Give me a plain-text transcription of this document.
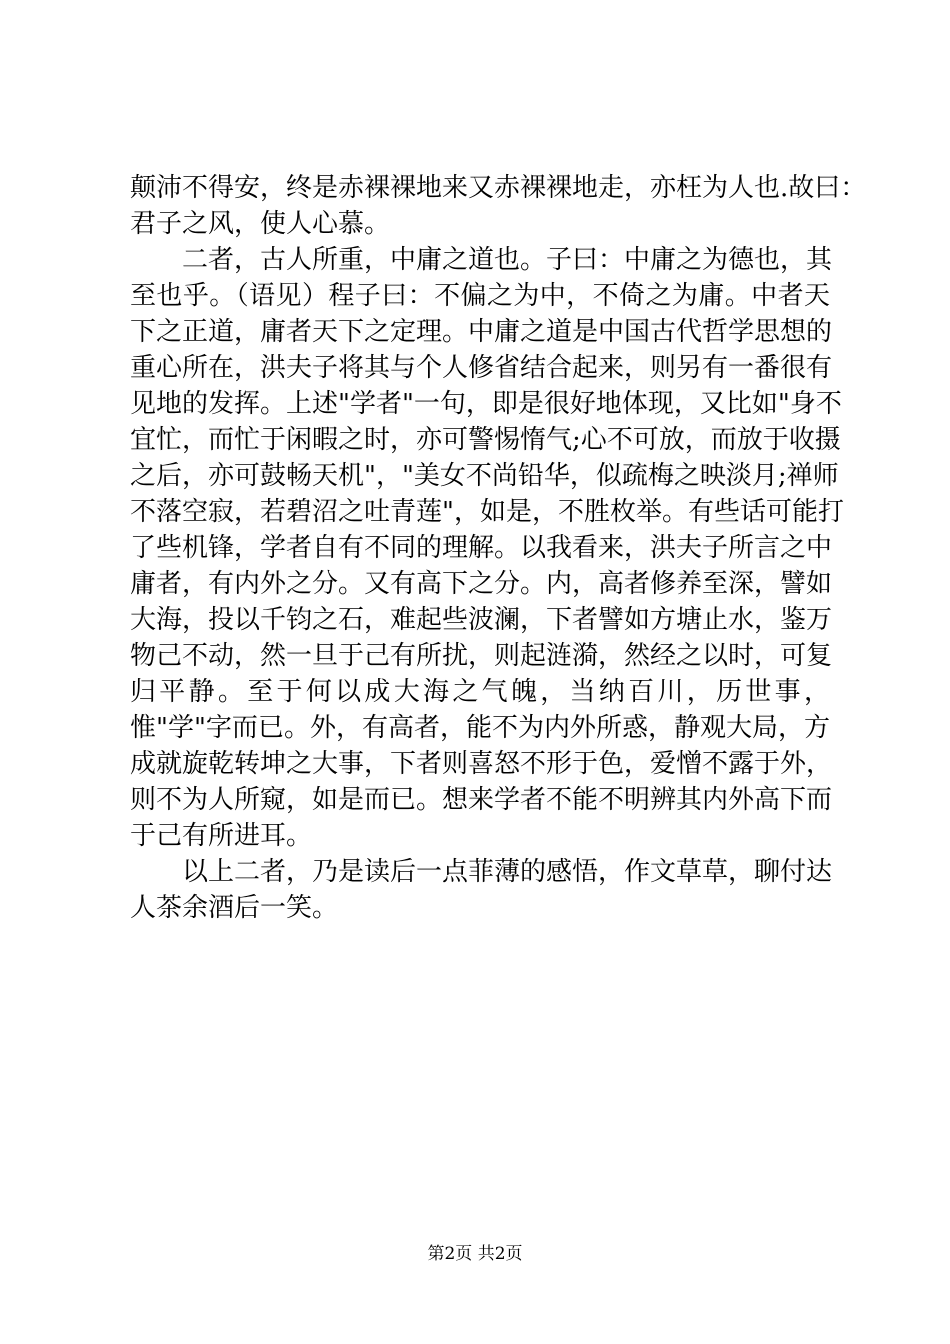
颠沛不得安，终是赤裸裸地来又赤裸裸地走，亦枉为人也.故曰：
君子之风，使人心慕。
二者，古人所重，中庸之道也。子曰：中庸之为德也，其
至也乎。（语见）程子曰：不偏之为中，不倚之为庸。中者天
下之正道，庸者天下之定理。中庸之道是中国古代哲学思想的
重心所在，洪夫子将其与个人修省结合起来，则另有一番很有
见地的发挥。上述"学者"一句，即是很好地体现，又比如"身不
宜忙，而忙于闲暇之时，亦可警惕惰气;心不可放，而放于收摄
之后，亦可鼓畅天机"，"美女不尚铅华，似疏梅之映淡月;禅师
不落空寂，若碧沼之吐青莲"，如是，不胜枚举。有些话可能打
了些机锋，学者自有不同的理解。以我看来，洪夫子所言之中
庸者，有内外之分。又有高下之分。内，高者修养至深，譬如
大海，投以千钧之石，难起些波澜，下者譬如方塘止水，鉴万
物己不动，然一旦于己有所扰，则起涟漪，然经之以时，可复
归平静。至于何以成大海之气魄，当纳百川，历世事，
惟"学"字而已。外，有高者，能不为内外所惑，静观大局，方
成就旋乾转坤之大事，下者则喜怒不形于色，爱憎不露于外，
则不为人所窥，如是而已。想来学者不能不明辨其内外高下而
于己有所进耳。
以上二者，乃是读后一点菲薄的感悟，作文草草，聊付达
人茶余酒后一笑。
第2页 共2页
